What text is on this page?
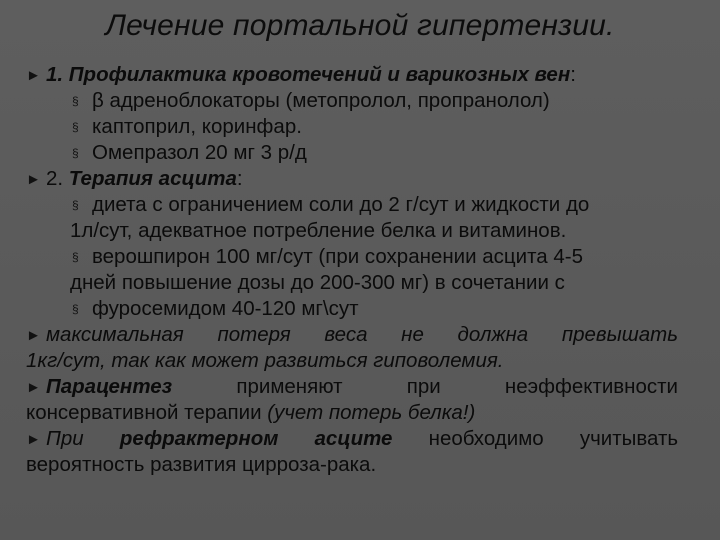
Лечение портальной гипертензии.
► 1. Профилактика кровотечений и варикозных вен:
§ β адреноблокаторы (метопролол, пропранолол)
§ каптоприл, коринфар.
§ Омепразол 20 мг 3 р/д
► 2. Терапия асцита:
§ диета с ограничением соли до 2 г/сут и жидкости до
1л/сут, адекватное потребление белка и витаминов.
§ верошпирон 100 мг/сут (при сохранении асцита 4-5
дней повышение дозы до 200-300 мг) в сочетании с
§ фуросемидом 40-120 мг\сут
► максимальная потеря веса не должна превышать
1кг/сут, так как может развиться гиповолемия.
► Парацентез	применяют при неэффективности
консервативной терапии (учет потерь белка!)
► При рефрактерном асците необходимо учитывать
вероятность развития цирроза-рака.
